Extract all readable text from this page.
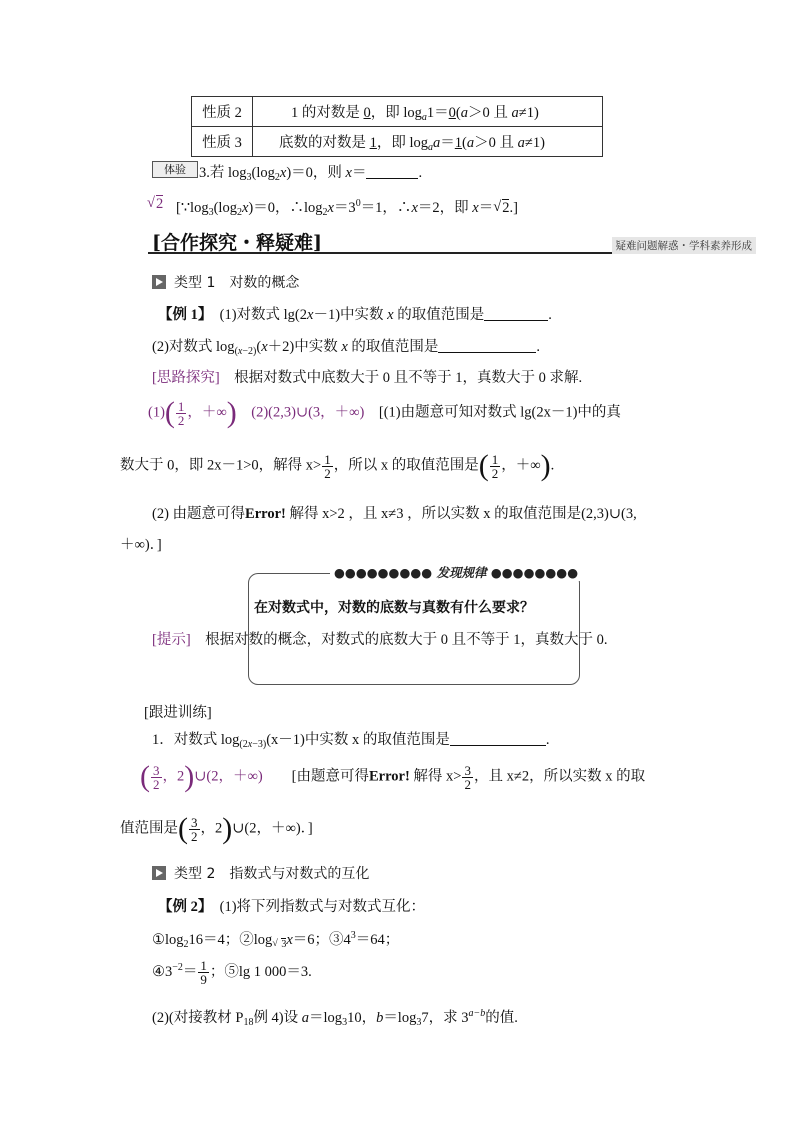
性质 2	1 的对数是 0，即 $\log_a1=0(a>0$ 且 a≠1)
性质 3	底数的对数是 1，即 $\log_aa=1(a>0$ 且 a≠1)
体验 3.若 $\log_3(\log_2x)=0$，则 x＝	.
√ 2 [$\because\log_3(\log_2x)=0$，$\therefore\log_2x=3^0=1$，∴x＝2，即 x＝ √ 2.]
[合作探究・释疑难]	疑难问题解惑・学科素养形成
类型 1　对数的概念
【例 1】　(1)对数式 lg(2x－1)中实数 x 的取值范围是	.
(2)对数式 $\log_{(x-2)}(x+2)$中实数 x 的取值范围是	.
[思路探究]　 根据对数式中底数大于 0 且不等于 1，真数大于 0 求解.
$(1)( \frac{1}{2}$ ，＋∞)　 (2)(2,3)∪(3，＋∞)　 [(1)由题意可知对数式 lg(2x－1)中的真
数大于 0，即 2x－1>0，解得 $x> \frac{1}{2}$ ，所以 x 的取值范围是( $\frac{1}{2}$ ，＋∞).
(2) 由题意可得Error! 解得 x>2 ，且 x≠3 ，所以实数 x 的取值范围是(2,3)∪(3,
＋∞)．]
●●●●●●●●● 发现规律 ●●●●●●●●
在对数式中，对数的底数与真数有什么要求？
[提示]　 根据对数的概念，对数式的底数大于 0 且不等于 1，真数大于 0.
[跟进训练]
1．对数式 $\log_{(2x-3)}(x-1)$中实数 x 的取值范围是	.
( $\frac{3}{2}$ ，2)∪(2，＋∞)　　 [由题意可得Error! 解得 $x> \frac{3}{2}$ ，且 x≠2，所以实数 x 的取
值范围是( $\frac{3}{2}$ ，2)∪(2，＋∞)．]
类型 2　指数式与对数式的互化
【例 2】　 (1)将下列指数式与对数式互化：
$①\log_216=4$；②log √ $_3$x＝6；$③4^3=64$；
$④3^{-2}= \frac{1}{9}$ ；⑤lg 1 000＝3.
(2)(对接教材 $P_{18}$例 4)设 $a=\log_310$，$b=\log_37$，求 $3^{a-b}$的值.
